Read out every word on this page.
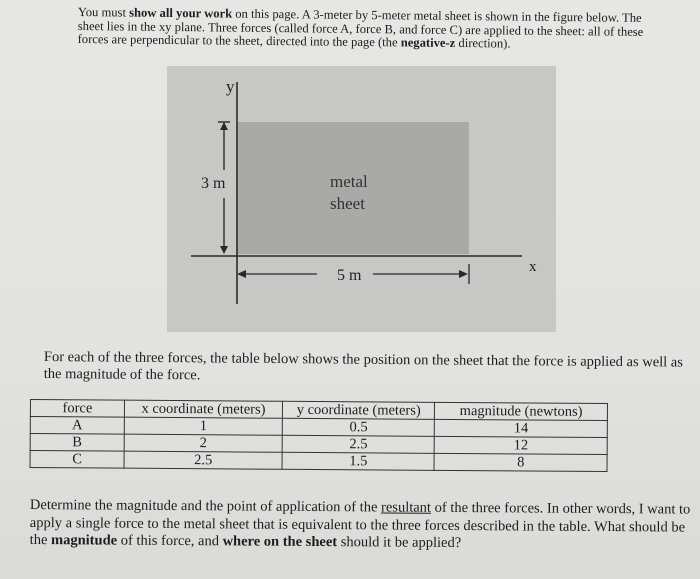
You must show all your work on this page. A 3-meter by 5-meter metal sheet is shown in the figure below. The sheet lies in the xy plane. Three forces (called force A, force B, and force C) are applied to the sheet: all of these forces are perpendicular to the sheet, directed into the page (the negative-z direction).
y
x
3 m
5 m
metal
sheet
For each of the three forces, the table below shows the position on the sheet that the force is applied as well as the magnitude of the force.
force	x coordinate (meters)	y coordinate (meters)	magnitude (newtons)
A	1	0.5	14
B	2	2.5	12
C	2.5	1.5	8
Determine the magnitude and the point of application of the resultant of the three forces. In other words, I want to apply a single force to the metal sheet that is equivalent to the three forces described in the table. What should be the magnitude of this force, and where on the sheet should it be applied?
